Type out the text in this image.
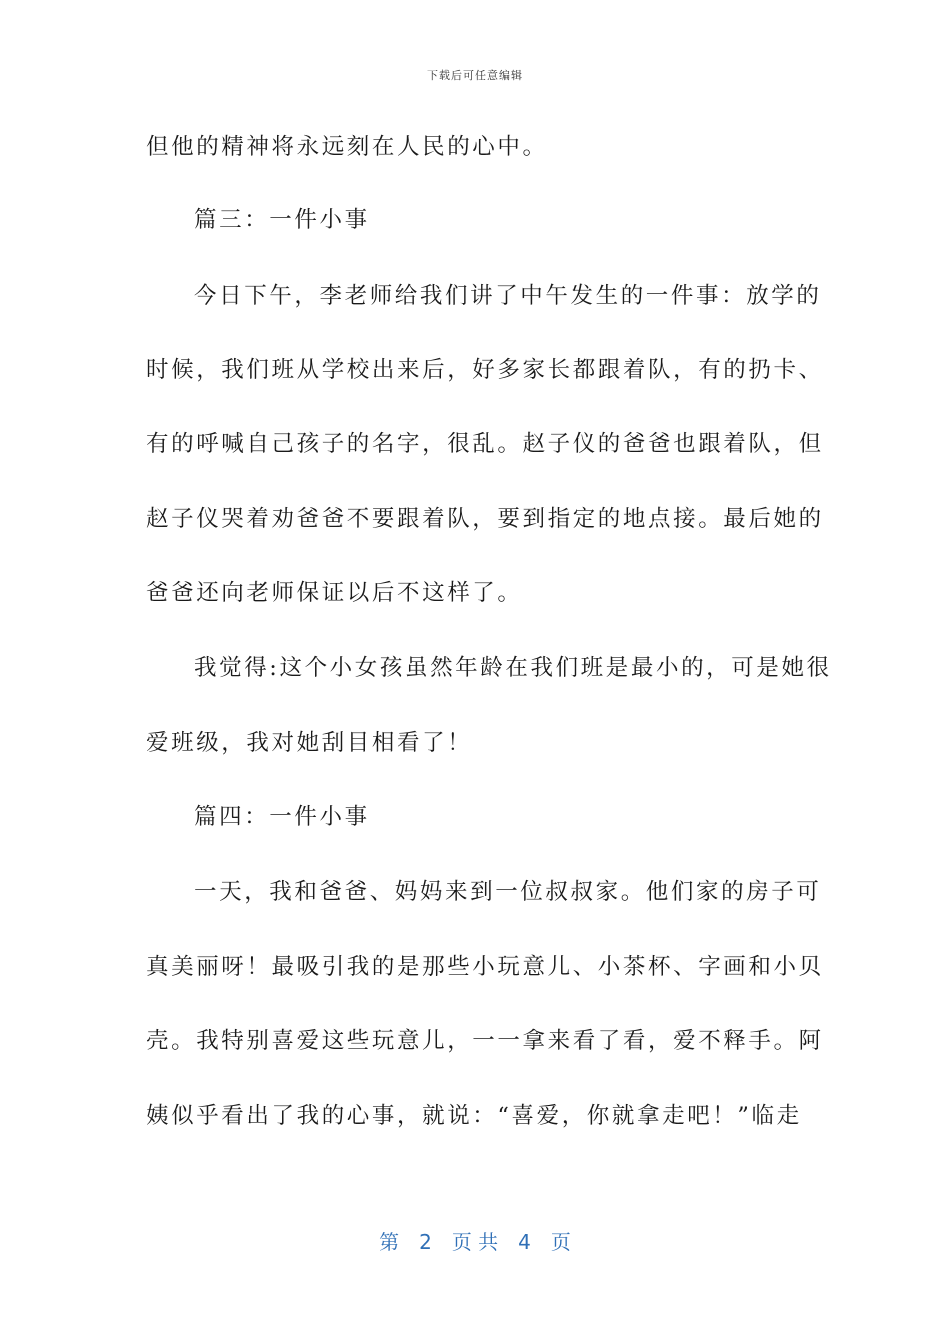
下载后可任意编辑
但他的精神将永远刻在人民的心中。
篇三：一件小事
今日下午，李老师给我们讲了中午发生的一件事：放学的
时候，我们班从学校出来后，好多家长都跟着队，有的扔卡、
有的呼喊自己孩子的名字，很乱。赵子仪的爸爸也跟着队，但
赵子仪哭着劝爸爸不要跟着队，要到指定的地点接。最后她的
爸爸还向老师保证以后不这样了。
我觉得:这个小女孩虽然年龄在我们班是最小的，可是她很
爱班级，我对她刮目相看了！
篇四：一件小事
一天，我和爸爸、妈妈来到一位叔叔家。他们家的房子可
真美丽呀！最吸引我的是那些小玩意儿、小茶杯、字画和小贝
壳。我特别喜爱这些玩意儿，一一拿来看了看，爱不释手。阿
姨似乎看出了我的心事，就说：“喜爱，你就拿走吧！”临走
第 2 页 共 4 页
